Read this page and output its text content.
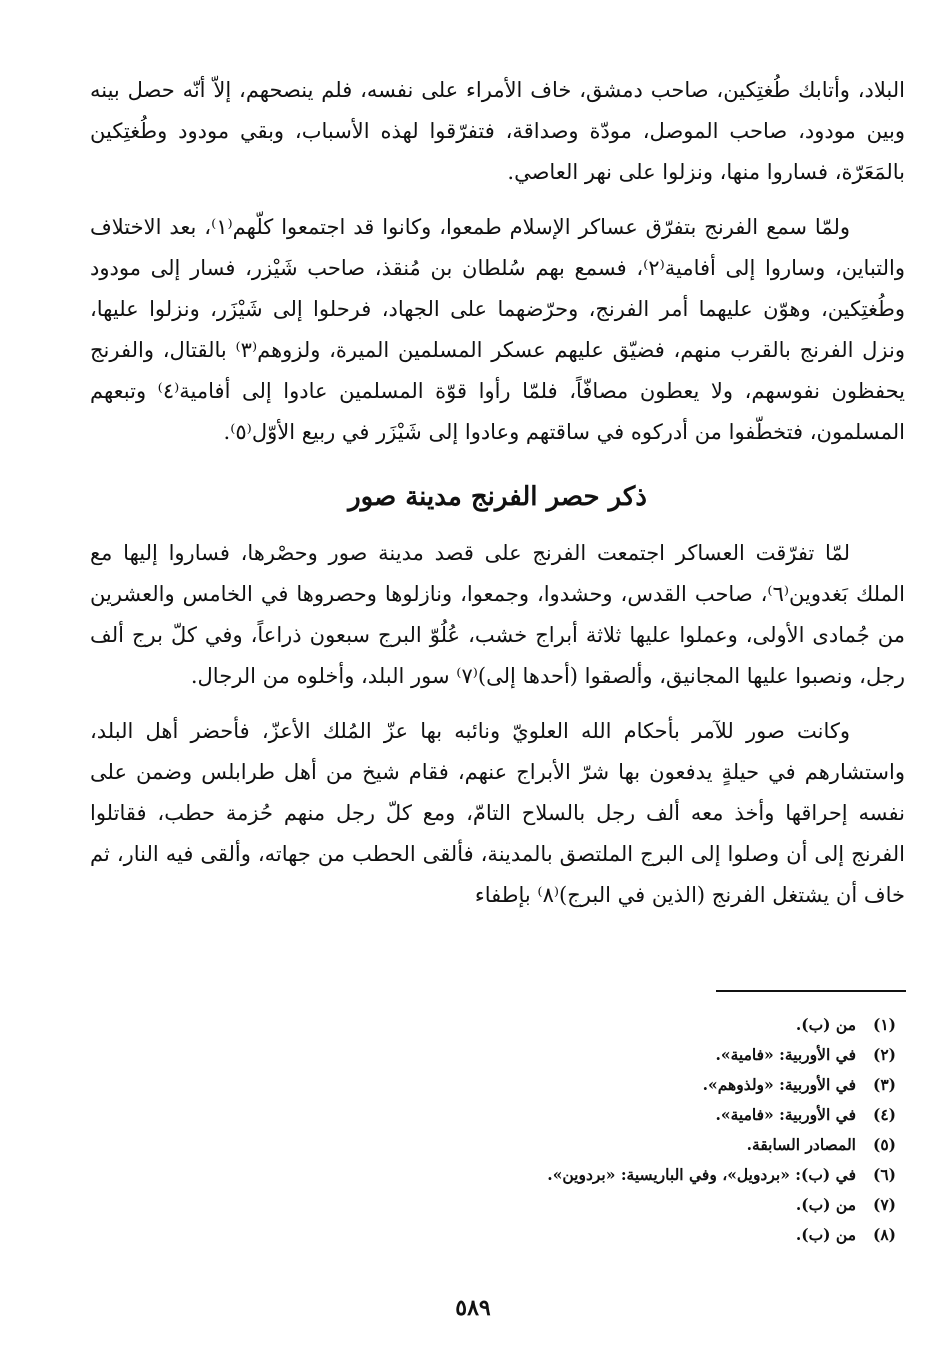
البلاد، وأتابك طُغتِكين، صاحب دمشق، خاف الأمراء على نفسه، فلم ينصحهم، إلاّ أنّه حصل بينه وبين مودود، صاحب الموصل، مودّة وصداقة، فتفرّقوا لهذه الأسباب، وبقي مودود وطُغتِكين بالمَعَرّة، فساروا منها، ونزلوا على نهر العاصي.

ولمّا سمع الفرنج بتفرّق عساكر الإسلام طمعوا، وكانوا قد اجتمعوا كلّهم⁽١⁾، بعد الاختلاف والتباين، وساروا إلى أفامية⁽٢⁾، فسمع بهم سُلطان بن مُنقذ، صاحب شَيْزر، فسار إلى مودود وطُغتِكين، وهوّن عليهما أمر الفرنج، وحرّضهما على الجهاد، فرحلوا إلى شَيْزَر، ونزلوا عليها، ونزل الفرنج بالقرب منهم، فضيّق عليهم عسكر المسلمين الميرة، ولزوهم⁽٣⁾ بالقتال، والفرنج يحفظون نفوسهم، ولا يعطون مصافّاً، فلمّا رأوا قوّة المسلمين عادوا إلى أفامية⁽٤⁾ وتبعهم المسلمون، فتخطّفوا من أدركوه في ساقتهم وعادوا إلى شَيْزَر في ربيع الأوّل⁽٥⁾.

ذكر حصر الفرنج مدينة صور

لمّا تفرّقت العساكر اجتمعت الفرنج على قصد مدينة صور وحصْرها، فساروا إليها مع الملك بَغدوين⁽٦⁾، صاحب القدس، وحشدوا، وجمعوا، ونازلوها وحصروها في الخامس والعشرين من جُمادى الأولى، وعملوا عليها ثلاثة أبراج خشب، عُلُوّ البرج سبعون ذراعاً، وفي كلّ برج ألف رجل، ونصبوا عليها المجانيق، وألصقوا (أحدها إلى)⁽٧⁾ سور البلد، وأخلوه من الرجال.

وكانت صور للآمر بأحكام الله العلويّ ونائبه بها عزّ المُلك الأعزّ، فأحضر أهل البلد، واستشارهم في حيلةٍ يدفعون بها شرّ الأبراج عنهم، فقام شيخ من أهل طرابلس وضمن على نفسه إحراقها وأخذ معه ألف رجل بالسلاح التامّ، ومع كلّ رجل منهم حُزمة حطب، فقاتلوا الفرنج إلى أن وصلوا إلى البرج الملتصق بالمدينة، فألقى الحطب من جهاته، وألقى فيه النار، ثم خاف أن يشتغل الفرنج (الذين في البرج)⁽٨⁾ بإطفاء

(١)
من (ب).
(٢)
في الأوربية: «فامية».
(٣)
في الأوربية: «ولذوهم».
(٤)
في الأوربية: «فامية».
(٥)
المصادر السابقة.
(٦)
في (ب): «بردويل»، وفي الباريسية: «بردوين».
(٧)
من (ب).
(٨)
من (ب).
٥٨٩
